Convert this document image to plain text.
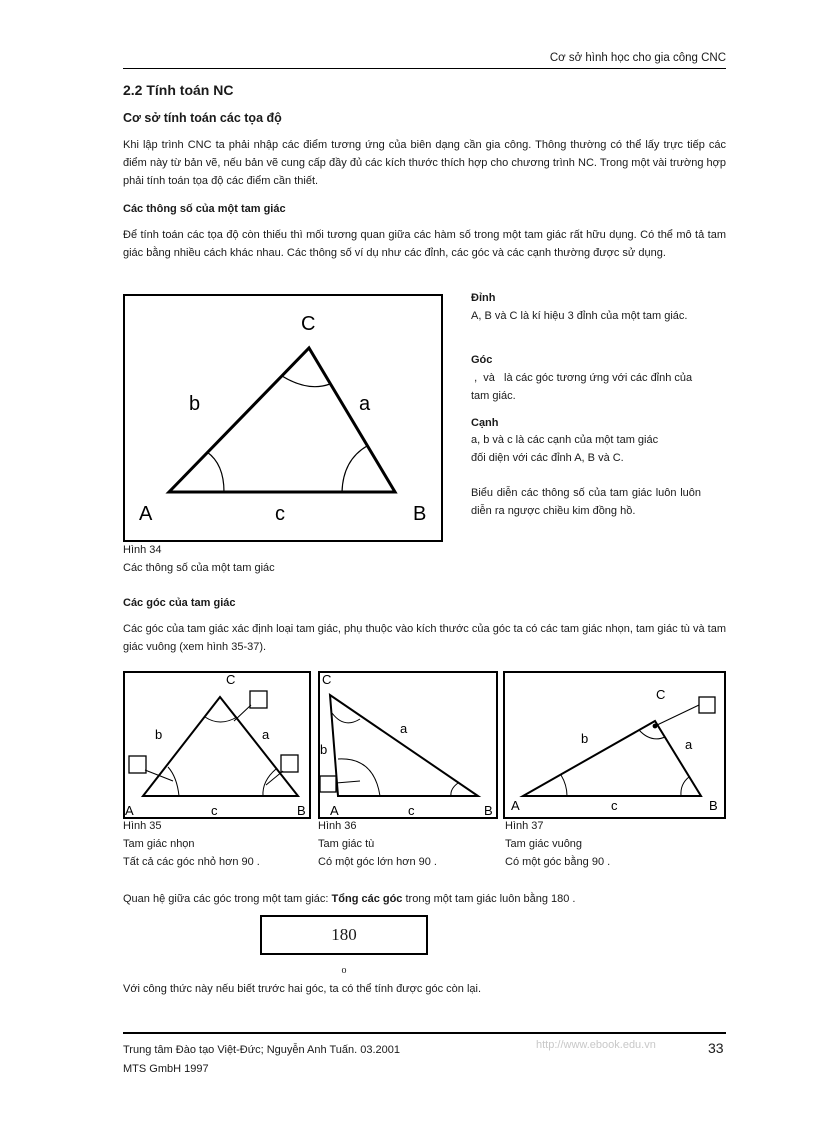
Cơ sở hình học cho gia công CNC
2.2 Tính toán NC
Cơ sở tính toán các tọa độ
Khi lập trình CNC ta phải nhập các điểm tương ứng của biên dạng cần gia công. Thông thường có thể lấy trực tiếp các điểm này từ bản vẽ, nếu bản vẽ cung cấp đầy đủ các kích thước thích hợp cho chương trình NC. Trong một vài trường hợp phải tính toán tọa độ các điểm cần thiết.
Các thông số của một tam giác
Để tính toán các tọa độ còn thiếu thì mối tương quan giữa các hàm số trong một tam giác rất hữu dụng. Có thể mô tả tam giác bằng nhiều cách khác nhau. Các thông số ví dụ như các đỉnh, các góc và các cạnh thường được sử dụng.
C
A	B
b	a
c
Hình 34
Các thông số của một tam giác
Đỉnh
A, B và C là kí hiệu 3 đỉnh của một tam giác.
Góc
,  và   là các góc tương ứng với các đỉnh của tam giác.
Cạnh
a, b và c là các cạnh của một tam giác
đối diện với các đỉnh A, B và C.
Biểu diễn các thông số của tam giác luôn luôn diễn ra ngược chiều kim đồng hồ.
Các góc của tam giác
Các góc của tam giác xác định loại tam giác, phụ thuộc vào kích thước của góc ta có các tam giác nhọn, tam giác tù và tam giác vuông (xem hình 35-37).
C
b	a
A	B
c
Hình 35
Tam giác nhọn
Tất cả các góc nhỏ hơn 90 .
C
b
a
A	B
c
Hình 36
Tam giác tù
Có một góc lớn hơn 90 .
C
b	a
A	B
c
Hình 37
Tam giác vuông
Có một góc bằng 90 .
Quan hệ giữa các góc trong một tam giác: Tổng các góc trong một tam giác luôn bằng 180 .
180
$^o$
Với công thức này nếu biết trước hai góc, ta có thể tính được góc còn lại.
Trung tâm Đào tạo Việt-Đức; Nguyễn Anh Tuấn. 03.2001
MTS GmbH 1997
http://www.ebook.edu.vn	33
